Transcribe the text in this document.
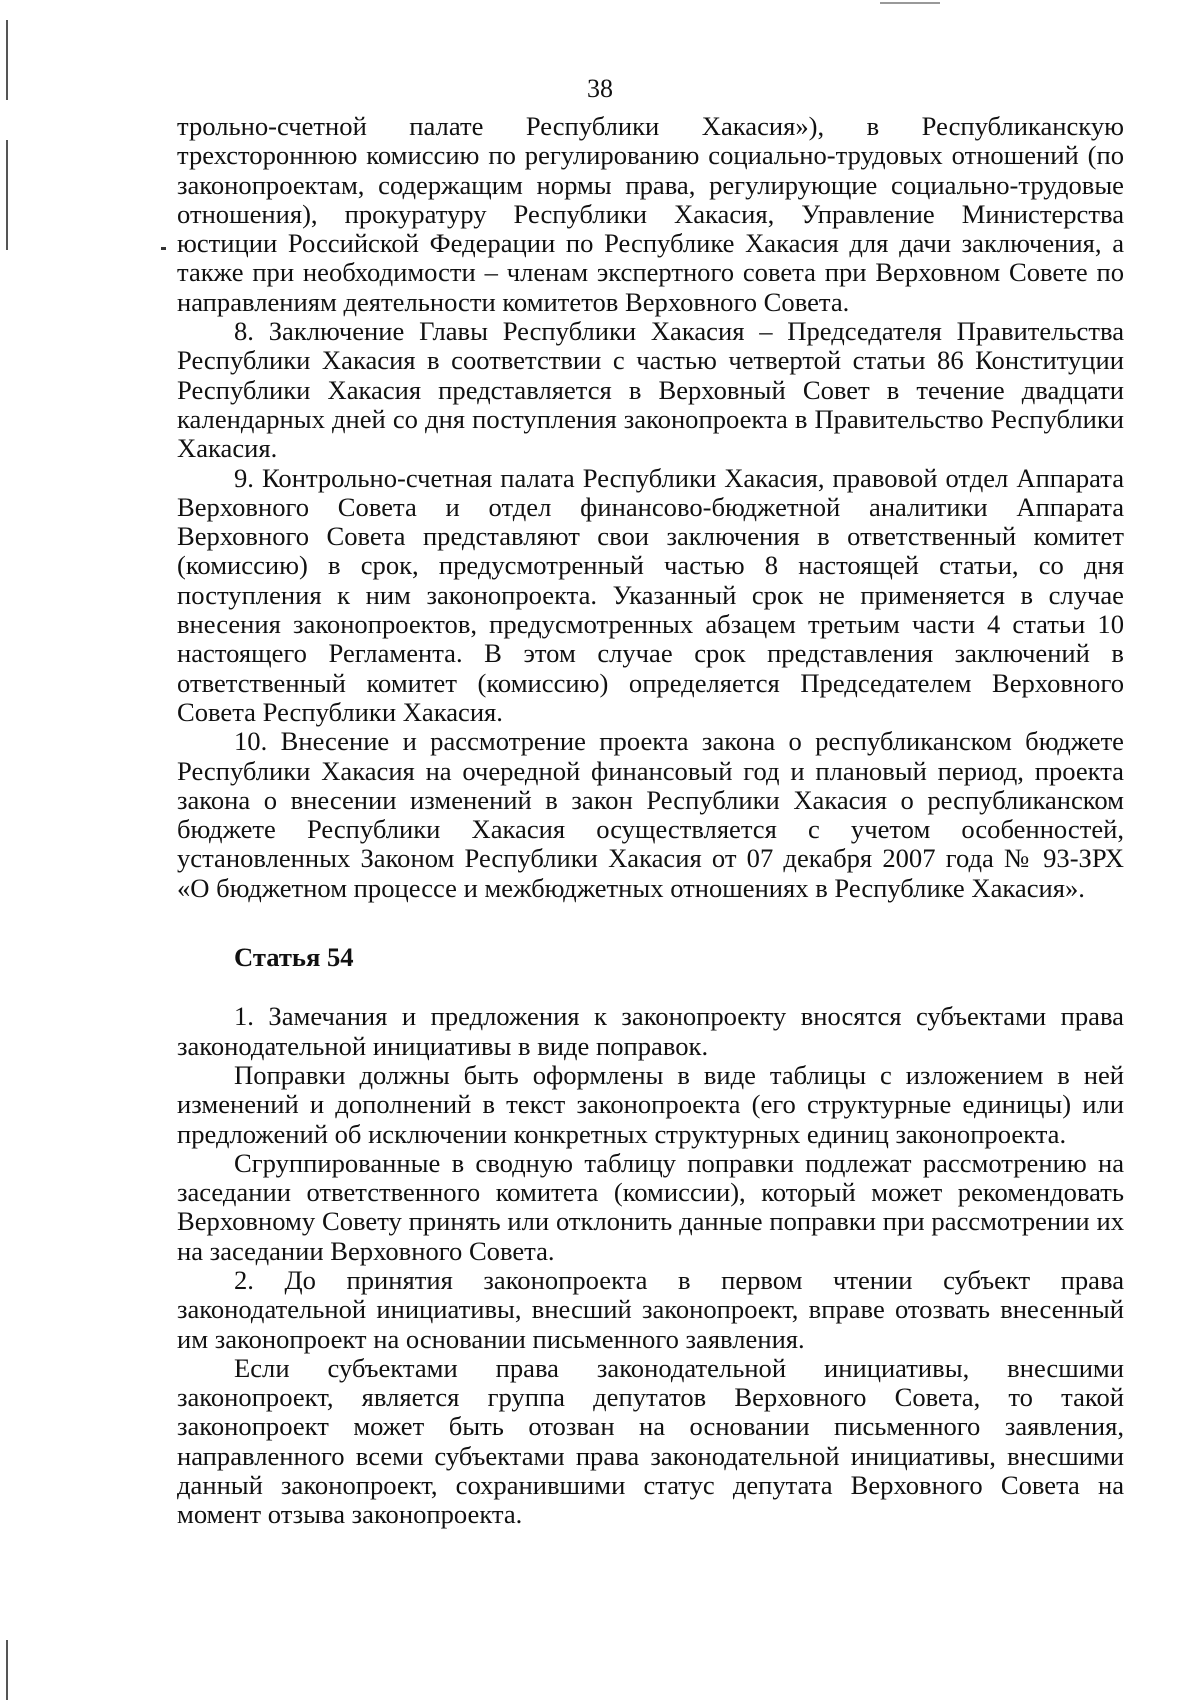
38

трольно-счетной палате Республики Хакасия»), в Республиканскую трехстороннюю комиссию по регулированию социально-трудовых отношений (по законопроектам, содержащим нормы права, регулирующие социально-трудовые отношения), прокуратуру Республики Хакасия, Управление Министерства юстиции Российской Федерации по Республике Хакасия для дачи заключения, а также при необходимости – членам экспертного совета при Верховном Совете по направлениям деятельности комитетов Верховного Совета.

8. Заключение Главы Республики Хакасия – Председателя Правительства Республики Хакасия в соответствии с частью четвертой статьи 86 Конституции Республики Хакасия представляется в Верховный Совет в течение двадцати календарных дней со дня поступления законопроекта в Правительство Республики Хакасия.

9. Контрольно-счетная палата Республики Хакасия, правовой отдел Аппарата Верховного Совета и отдел финансово-бюджетной аналитики Аппарата Верховного Совета представляют свои заключения в ответственный комитет (комиссию) в срок, предусмотренный частью 8 настоящей статьи, со дня поступления к ним законопроекта. Указанный срок не применяется в случае внесения законопроектов, предусмотренных абзацем третьим части 4 статьи 10 настоящего Регламента. В этом случае срок представления заключений в ответственный комитет (комиссию) определяется Председателем Верховного Совета Республики Хакасия.

10. Внесение и рассмотрение проекта закона о республиканском бюджете Республики Хакасия на очередной финансовый год и плановый период, проекта закона о внесении изменений в закон Республики Хакасия о республиканском бюджете Республики Хакасия осуществляется с учетом особенностей, установленных Законом Республики Хакасия от 07 декабря 2007 года № 93-ЗРХ «О бюджетном процессе и межбюджетных отношениях в Республике Хакасия».

Статья 54

1. Замечания и предложения к законопроекту вносятся субъектами права законодательной инициативы в виде поправок.

Поправки должны быть оформлены в виде таблицы с изложением в ней изменений и дополнений в текст законопроекта (его структурные единицы) или предложений об исключении конкретных структурных единиц законопроекта.

Сгруппированные в сводную таблицу поправки подлежат рассмотрению на заседании ответственного комитета (комиссии), который может рекомендовать Верховному Совету принять или отклонить данные поправки при рассмотрении их на заседании Верховного Совета.

2. До принятия законопроекта в первом чтении субъект права законодательной инициативы, внесший законопроект, вправе отозвать внесенный им законопроект на основании письменного заявления.

Если субъектами права законодательной инициативы, внесшими законопроект, является группа депутатов Верховного Совета, то такой законопроект может быть отозван на основании письменного заявления, направленного всеми субъектами права законодательной инициативы, внесшими данный законопроект, сохранившими статус депутата Верховного Совета на момент отзыва законопроекта.
